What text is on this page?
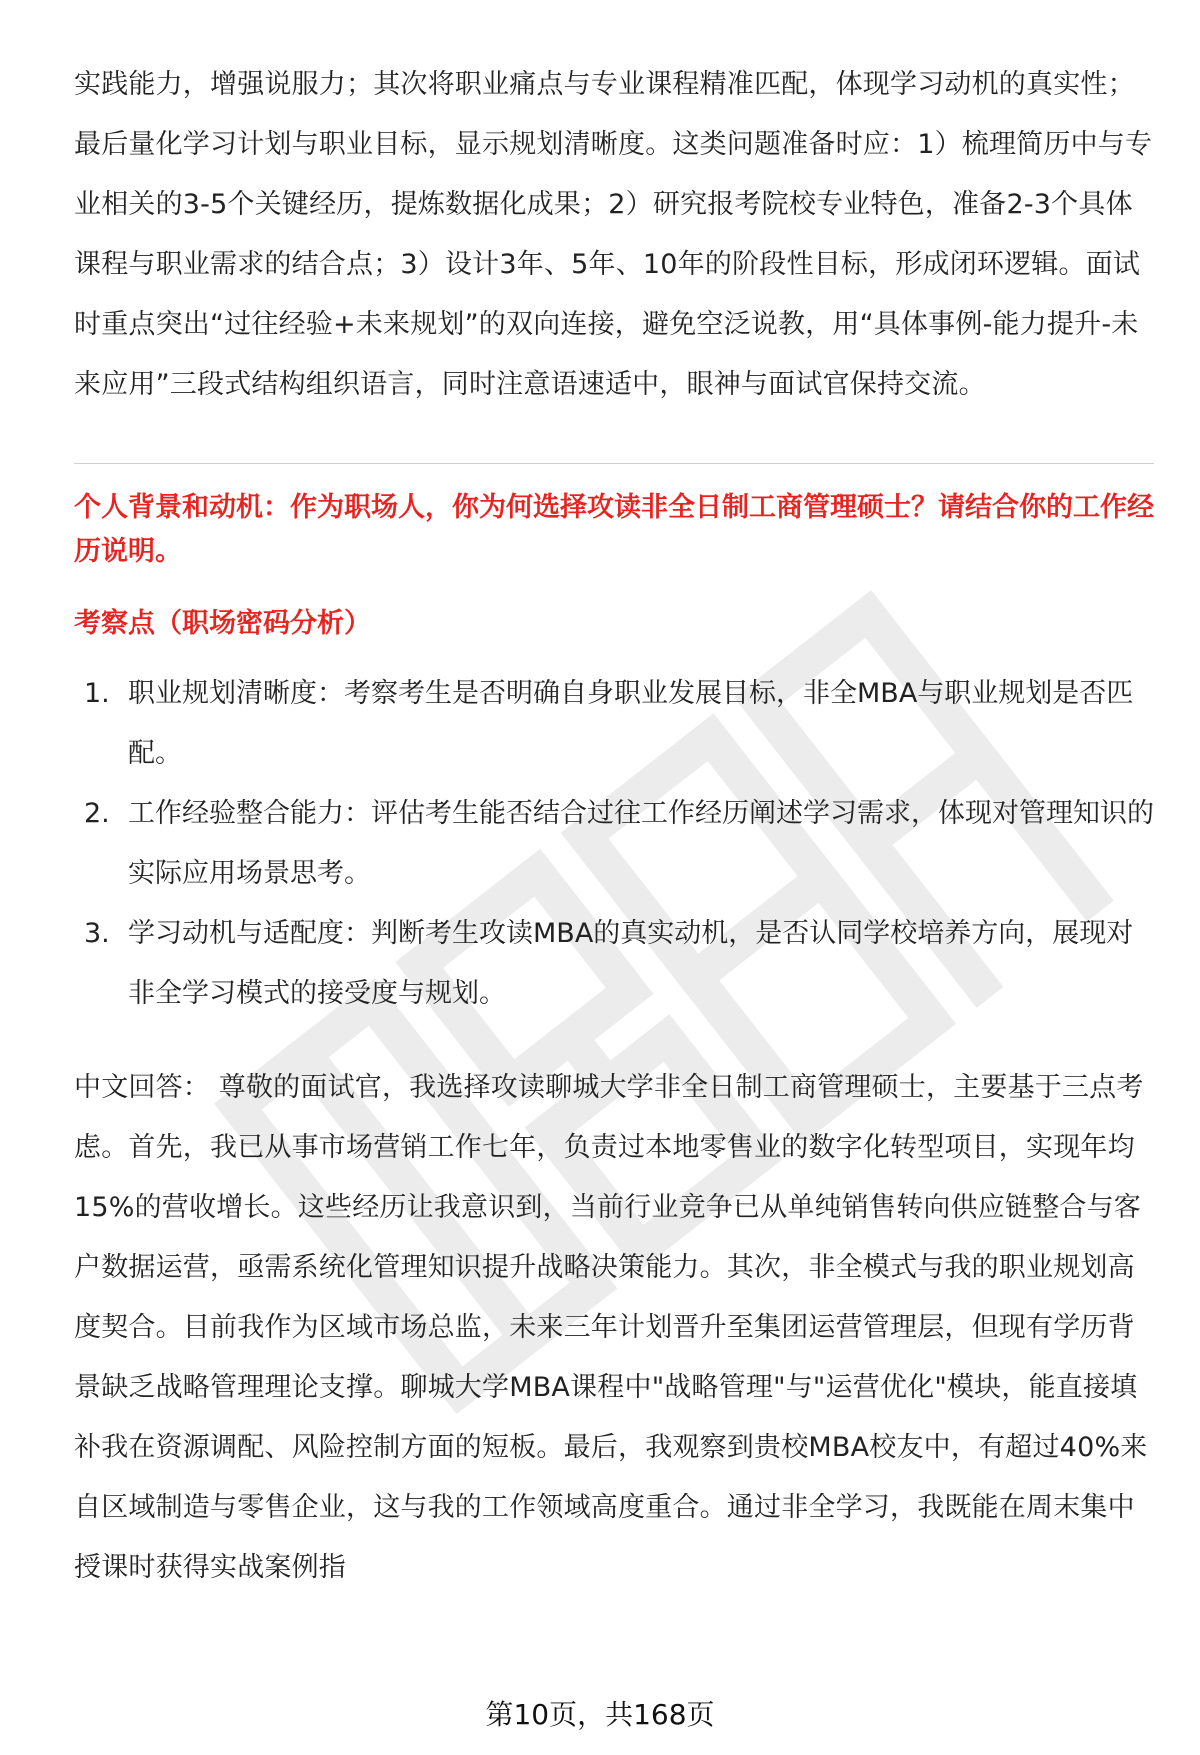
实践能力，增强说服力；其次将职业痛点与专业课程精准匹配，体现学习动机的真实性；最后量化学习计划与职业目标，显示规划清晰度。这类问题准备时应：1）梳理简历中与专业相关的3-5个关键经历，提炼数据化成果；2）研究报考院校专业特色，准备2-3个具体课程与职业需求的结合点；3）设计3年、5年、10年的阶段性目标，形成闭环逻辑。面试时重点突出“过往经验+未来规划”的双向连接，避免空泛说教，用“具体事例-能力提升-未来应用”三段式结构组织语言，同时注意语速适中，眼神与面试官保持交流。

个人背景和动机：作为职场人，你为何选择攻读非全日制工商管理硕士？请结合你的工作经历说明。

考察点（职场密码分析）

1. 职业规划清晰度：考察考生是否明确自身职业发展目标，非全MBA与职业规划是否匹配。
2. 工作经验整合能力：评估考生能否结合过往工作经历阐述学习需求，体现对管理知识的实际应用场景思考。
3. 学习动机与适配度：判断考生攻读MBA的真实动机，是否认同学校培养方向，展现对非全学习模式的接受度与规划。

中文回答： 尊敬的面试官，我选择攻读聊城大学非全日制工商管理硕士，主要基于三点考虑。首先，我已从事市场营销工作七年，负责过本地零售业的数字化转型项目，实现年均15%的营收增长。这些经历让我意识到，当前行业竞争已从单纯销售转向供应链整合与客户数据运营，亟需系统化管理知识提升战略决策能力。其次，非全模式与我的职业规划高度契合。目前我作为区域市场总监，未来三年计划晋升至集团运营管理层，但现有学历背景缺乏战略管理理论支撑。聊城大学MBA课程中"战略管理"与"运营优化"模块，能直接填补我在资源调配、风险控制方面的短板。最后，我观察到贵校MBA校友中，有超过40%来自区域制造与零售企业，这与我的工作领域高度重合。通过非全学习，我既能在周末集中授课时获得实战案例指

第10页，共168页
